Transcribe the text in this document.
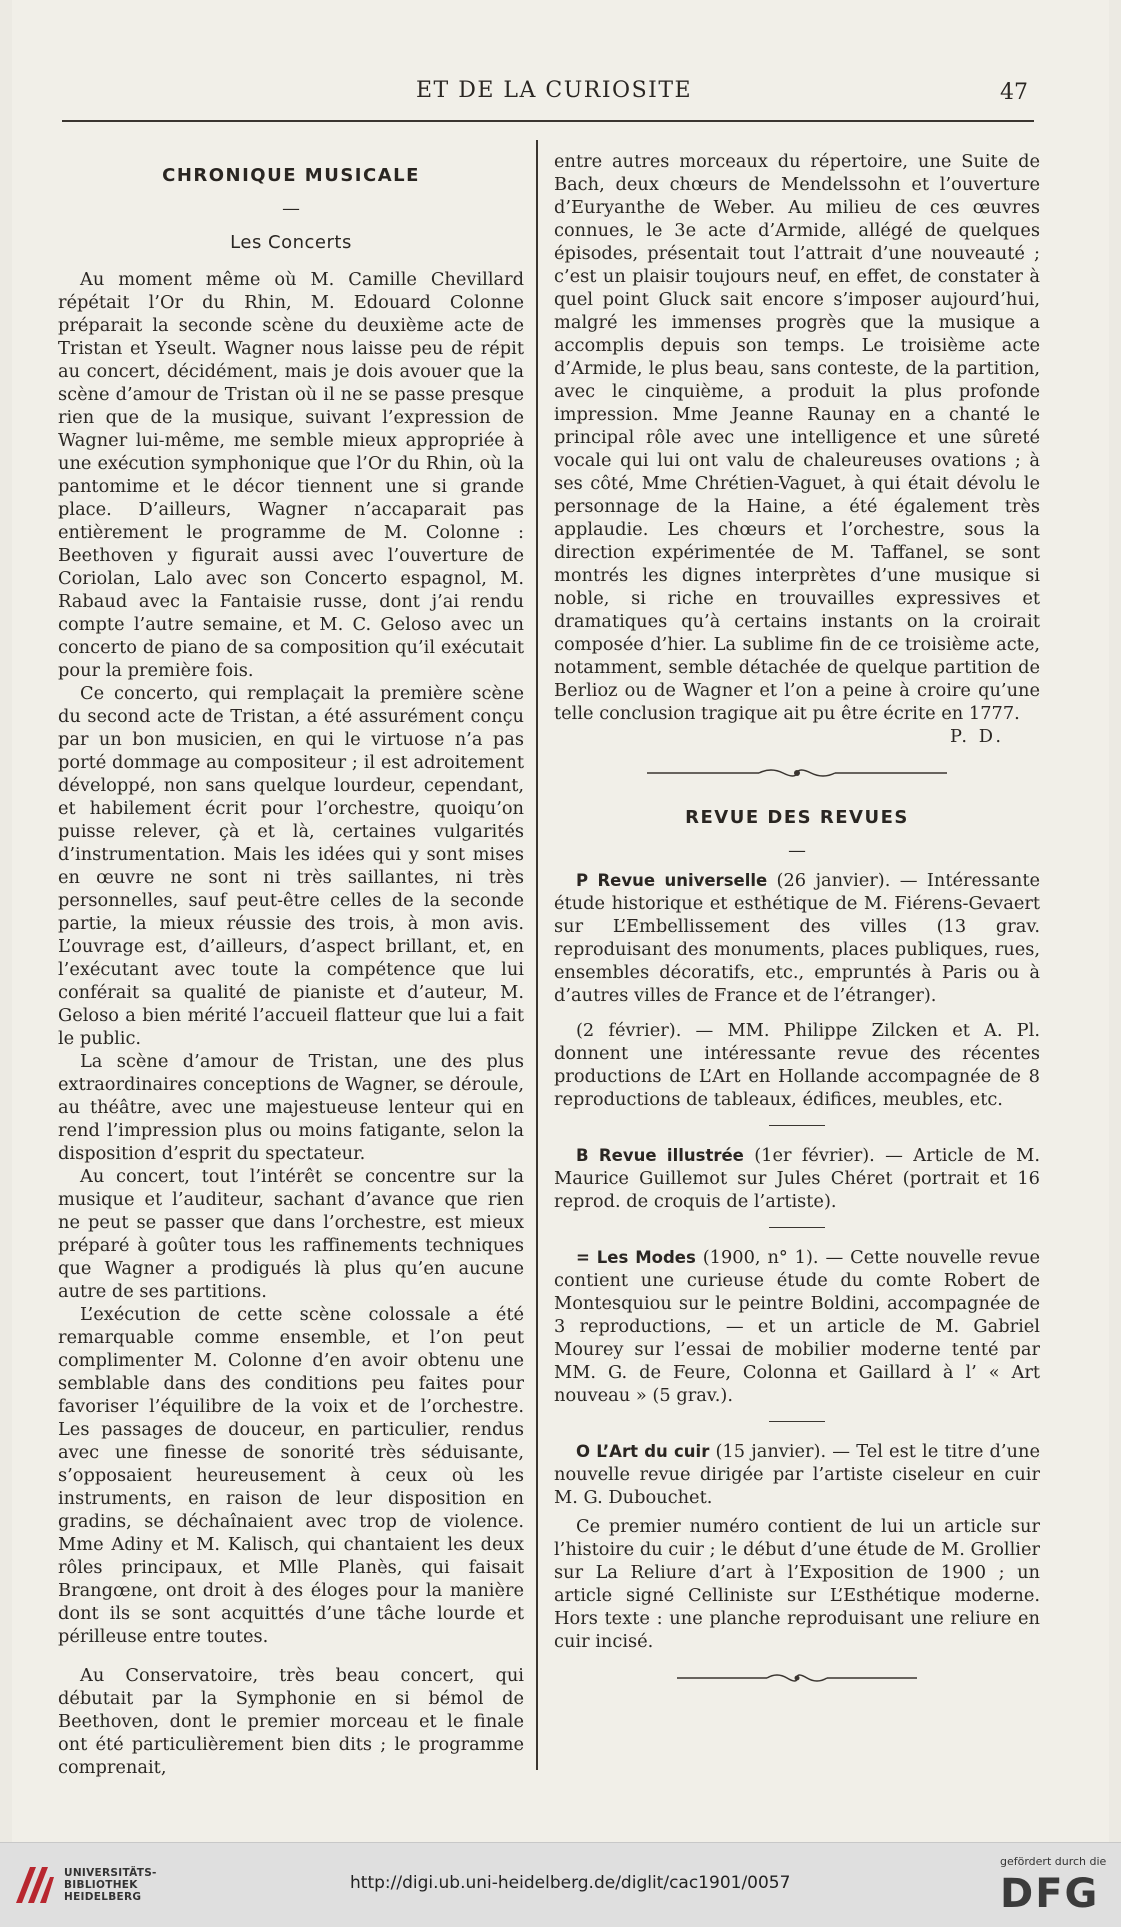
ET DE LA CURIOSITE	47
CHRONIQUE MUSICALE

—

Les Concerts

Au moment même où M. Camille Chevillard répétait l’Or du Rhin, M. Edouard Colonne préparait la seconde scène du deuxième acte de Tristan et Yseult. Wagner nous laisse peu de répit au concert, décidément, mais je dois avouer que la scène d’amour de Tristan où il ne se passe presque rien que de la musique, suivant l’expression de Wagner lui-même, me semble mieux appropriée à une exécution symphonique que l’Or du Rhin, où la pantomime et le décor tiennent une si grande place. D’ailleurs, Wagner n’accaparait pas entièrement le programme de M. Colonne : Beethoven y figurait aussi avec l’ouverture de Coriolan, Lalo avec son Concerto espagnol, M. Rabaud avec la Fantaisie russe, dont j’ai rendu compte l’autre semaine, et M. C. Geloso avec un concerto de piano de sa composition qu’il exécutait pour la première fois.

Ce concerto, qui remplaçait la première scène du second acte de Tristan, a été assurément conçu par un bon musicien, en qui le virtuose n’a pas porté dommage au compositeur ; il est adroitement développé, non sans quelque lourdeur, cependant, et habilement écrit pour l’orchestre, quoiqu’on puisse relever, çà et là, certaines vulgarités d’instrumentation. Mais les idées qui y sont mises en œuvre ne sont ni très saillantes, ni très personnelles, sauf peut-être celles de la seconde partie, la mieux réussie des trois, à mon avis. L’ouvrage est, d’ailleurs, d’aspect brillant, et, en l’exécutant avec toute la compétence que lui conférait sa qualité de pianiste et d’auteur, M. Geloso a bien mérité l’accueil flatteur que lui a fait le public.

La scène d’amour de Tristan, une des plus extraordinaires conceptions de Wagner, se déroule, au théâtre, avec une majestueuse lenteur qui en rend l’impression plus ou moins fatigante, selon la disposition d’esprit du spectateur.

Au concert, tout l’intérêt se concentre sur la musique et l’auditeur, sachant d’avance que rien ne peut se passer que dans l’orchestre, est mieux préparé à goûter tous les raffinements techniques que Wagner a prodigués là plus qu’en aucune autre de ses partitions.

L’exécution de cette scène colossale a été remarquable comme ensemble, et l’on peut complimenter M. Colonne d’en avoir obtenu une semblable dans des conditions peu faites pour favoriser l’équilibre de la voix et de l’orchestre. Les passages de douceur, en particulier, rendus avec une finesse de sonorité très séduisante, s’opposaient heureusement à ceux où les instruments, en raison de leur disposition en gradins, se déchaînaient avec trop de violence. Mme Adiny et M. Kalisch, qui chantaient les deux rôles principaux, et Mlle Planès, qui faisait Brangœne, ont droit à des éloges pour la manière dont ils se sont acquittés d’une tâche lourde et périlleuse entre toutes.

Au Conservatoire, très beau concert, qui débutait par la Symphonie en si bémol de Beethoven, dont le premier morceau et le finale ont été particulièrement bien dits ; le programme comprenait,

entre autres morceaux du répertoire, une Suite de Bach, deux chœurs de Mendelssohn et l’ouverture d’Euryanthe de Weber. Au milieu de ces œuvres connues, le 3e acte d’Armide, allégé de quelques épisodes, présentait tout l’attrait d’une nouveauté ; c’est un plaisir toujours neuf, en effet, de constater à quel point Gluck sait encore s’imposer aujourd’hui, malgré les immenses progrès que la musique a accomplis depuis son temps. Le troisième acte d’Armide, le plus beau, sans conteste, de la partition, avec le cinquième, a produit la plus profonde impression. Mme Jeanne Raunay en a chanté le principal rôle avec une intelligence et une sûreté vocale qui lui ont valu de chaleureuses ovations ; à ses côté, Mme Chrétien-Vaguet, à qui était dévolu le personnage de la Haine, a été également très applaudie. Les chœurs et l’orchestre, sous la direction expérimentée de M. Taffanel, se sont montrés les dignes interprètes d’une musique si noble, si riche en trouvailles expressives et dramatiques qu’à certains instants on la croirait composée d’hier. La sublime fin de ce troisième acte, notamment, semble détachée de quelque partition de Berlioz ou de Wagner et l’on a peine à croire qu’une telle conclusion tragique ait pu être écrite en 1777.

P. D.

REVUE DES REVUES

—

P Revue universelle (26 janvier). — Intéressante étude historique et esthétique de M. Fiérens-Gevaert sur L’Embellissement des villes (13 grav. reproduisant des monuments, places publiques, rues, ensembles décoratifs, etc., empruntés à Paris ou à d’autres villes de France et de l’étranger).

(2 février). — MM. Philippe Zilcken et A. Pl. donnent une intéressante revue des récentes productions de L’Art en Hollande accompagnée de 8 reproductions de tableaux, édifices, meubles, etc.

B Revue illustrée (1er février). — Article de M. Maurice Guillemot sur Jules Chéret (portrait et 16 reprod. de croquis de l’artiste).

= Les Modes (1900, n° 1). — Cette nouvelle revue contient une curieuse étude du comte Robert de Montesquiou sur le peintre Boldini, accompagnée de 3 reproductions, — et un article de M. Gabriel Mourey sur l’essai de mobilier moderne tenté par MM. G. de Feure, Colonna et Gaillard à l’ « Art nouveau » (5 grav.).

O L’Art du cuir (15 janvier). — Tel est le titre d’une nouvelle revue dirigée par l’artiste ciseleur en cuir M. G. Dubouchet.

Ce premier numéro contient de lui un article sur l’histoire du cuir ; le début d’une étude de M. Grollier sur La Reliure d’art à l’Exposition de 1900 ; un article signé Celliniste sur L’Esthétique moderne. Hors texte : une planche reproduisant une reliure en cuir incisé.

UNIVERSITÄTS-
BIBLIOTHEK
HEIDELBERG
http://digi.ub.uni-heidelberg.de/diglit/cac1901/0057
gefördert durch die
DFG
